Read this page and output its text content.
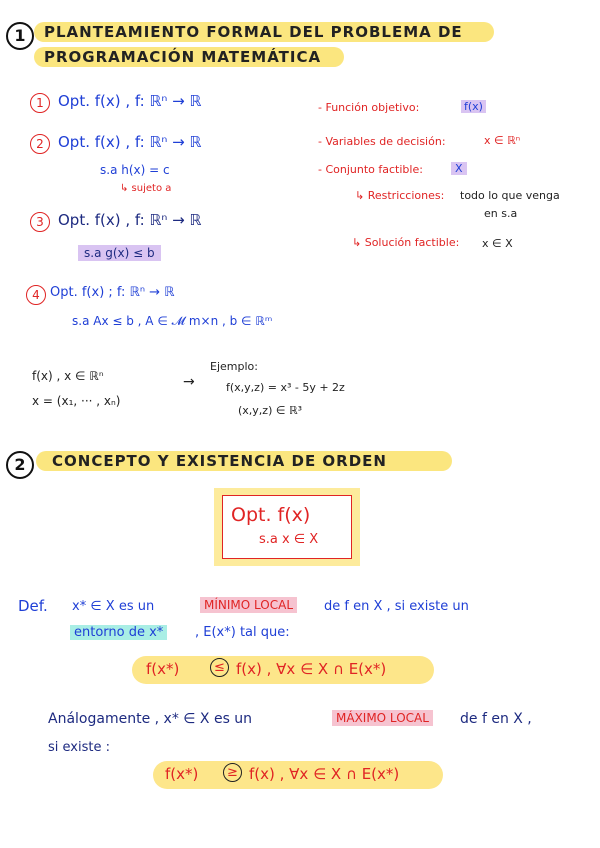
1	PLANTEAMIENTO FORMAL DEL PROBLEMA DE
PROGRAMACIÓN MATEMÁTICA
1 Opt. f(x) , f: ℝⁿ → ℝ
2 Opt. f(x) , f: ℝⁿ → ℝ
s.a h(x) = c
↳ sujeto a
3 Opt. f(x) , f: ℝⁿ → ℝ
s.a g(x) ≤ b
4 Opt. f(x) ; f: ℝⁿ → ℝ
s.a Ax ≤ b , A ∈ 𝓜 m×n , b ∈ ℝᵐ
- Función objetivo:	f(x)
- Variables de decisión:	x ∈ ℝⁿ
- Conjunto factible:	X
↳ Restricciones: todo lo que venga
en s.a
↳ Solución factible: x ∈ X
f(x) , x ∈ ℝⁿ
x = (x₁, ··· , xₙ)
→
Ejemplo:
f(x,y,z) = x³ - 5y + 2z
(x,y,z) ∈ ℝ³
2	CONCEPTO Y EXISTENCIA DE ORDEN
Opt. f(x)
s.a x ∈ X
Def. x* ∈ X es un	MÍNIMO LOCAL	de f en X , si existe un
entorno de x*	, E(x*) tal que:
f(x*)	≤ f(x) , ∀x ∈ X ∩ E(x*)
Análogamente , x* ∈ X es un	MÁXIMO LOCAL de f en X ,
si existe :
f(x*)	≥ f(x) , ∀x ∈ X ∩ E(x*)
